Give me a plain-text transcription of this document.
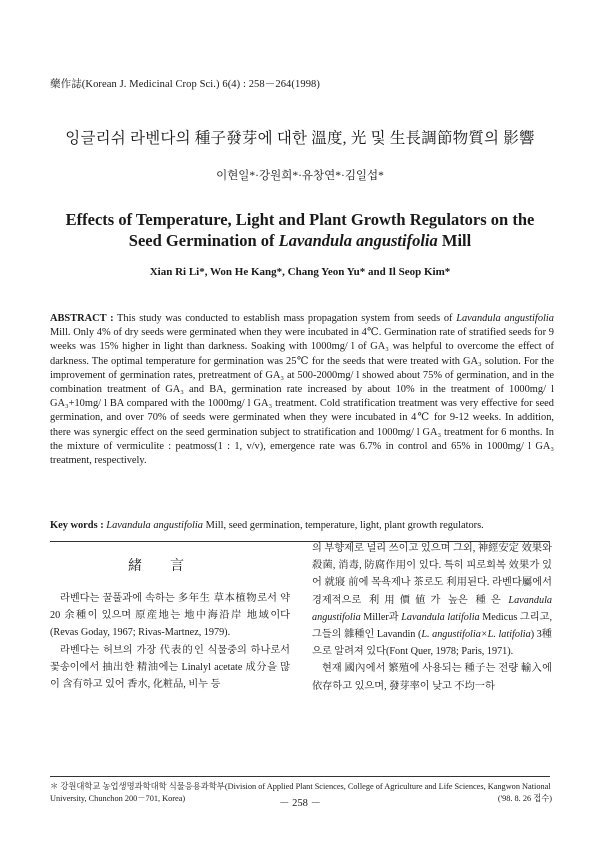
藥作誌(Korean J. Medicinal Crop Sci.) 6(4) : 258－264(1998)
잉글리쉬 라벤다의 種子發芽에 대한 溫度, 光 및 生長調節物質의 影響
이현일*·강원희*·유창연*·김일섭*
Effects of Temperature, Light and Plant Growth Regulators on the
Seed Germination of Lavandula angustifolia Mill
Xian Ri Li*, Won He Kang*, Chang Yeon Yu* and Il Seop Kim*
ABSTRACT : This study was conducted to establish mass propagation system from seeds of Lavandula angustifolia Mill. Only 4% of dry seeds were germinated when they were incubated in 4℃. Germination rate of stratified seeds for 9 weeks was 15% higher in light than darkness. Soaking with 1000mg/ l of GA₃ was helpful to overcome the effect of darkness. The optimal temperature for germination was 25℃ for the seeds that were treated with GA₃ solution. For the improvement of germination rates, pretreatment of GA₃ at 500-2000mg/ l showed about 75% of germination, and in the combination treatment of GA₃ and BA, germination rate increased by about 10% in the treatment of 1000mg/ l GA₃+10mg/ l BA compared with the 1000mg/ l GA₃ treatment. Cold stratification treatment was very effective for seed germination, and over 70% of seeds were germinated when they were incubated in 4℃ for 9-12 weeks. In addition, there was synergic effect on the seed germination subject to stratification and 1000mg/ l GA₃ treatment for 6 months. In the mixture of vermiculite : peatmoss(1 : 1, v/v), emergence rate was 6.7% in control and 65% in 1000mg/ l GA₃ treatment, respectively.
Key words : Lavandula angustifolia Mill, seed germination, temperature, light, plant growth regulators.
緒言

라벤다는 꿀풀과에 속하는 多年生 草本植物로서 약 20 余種이 있으며 原産地는 地中海沿岸 地域이다(Revas Goday, 1967; Rivas-Martnez, 1979).

라벤다는 허브의 가장 代表的인 식물중의 하나로서 꽃송이에서 抽出한 精油에는 Linalyl acetate 成分을 많이 含有하고 있어 香水, 化粧品, 비누 등

의 부향제로 널리 쓰이고 있으며 그외, 神經安定 效果와 殺菌, 消毒, 防腐作用이 있다. 특히 피로회복 效果가 있어 就寢 前에 목욕제나 茶로도 利用된다. 라벤다屬에서 경제적으로 利用價値가 높은 種은 Lavandula angustifolia Miller과 Lavandula latifolia Medicus 그리고, 그들의 雜種인 Lavandin (L. angustifolia×L. latifolia) 3種으로 알려져 있다(Font Quer, 1978; Paris, 1971).

현재 國內에서 繁殖에 사용되는 種子는 전량 輸入에 依存하고 있으며, 發芽率이 낮고 不均一하

＊ 강원대학교 농업생명과학대학 식물응용과학부(Division of Applied Plant Sciences, College of Agriculture and Life Sciences, Kangwon National University, Chunchon 200－701, Korea)	('98. 8. 26 접수)
－ 258 －
